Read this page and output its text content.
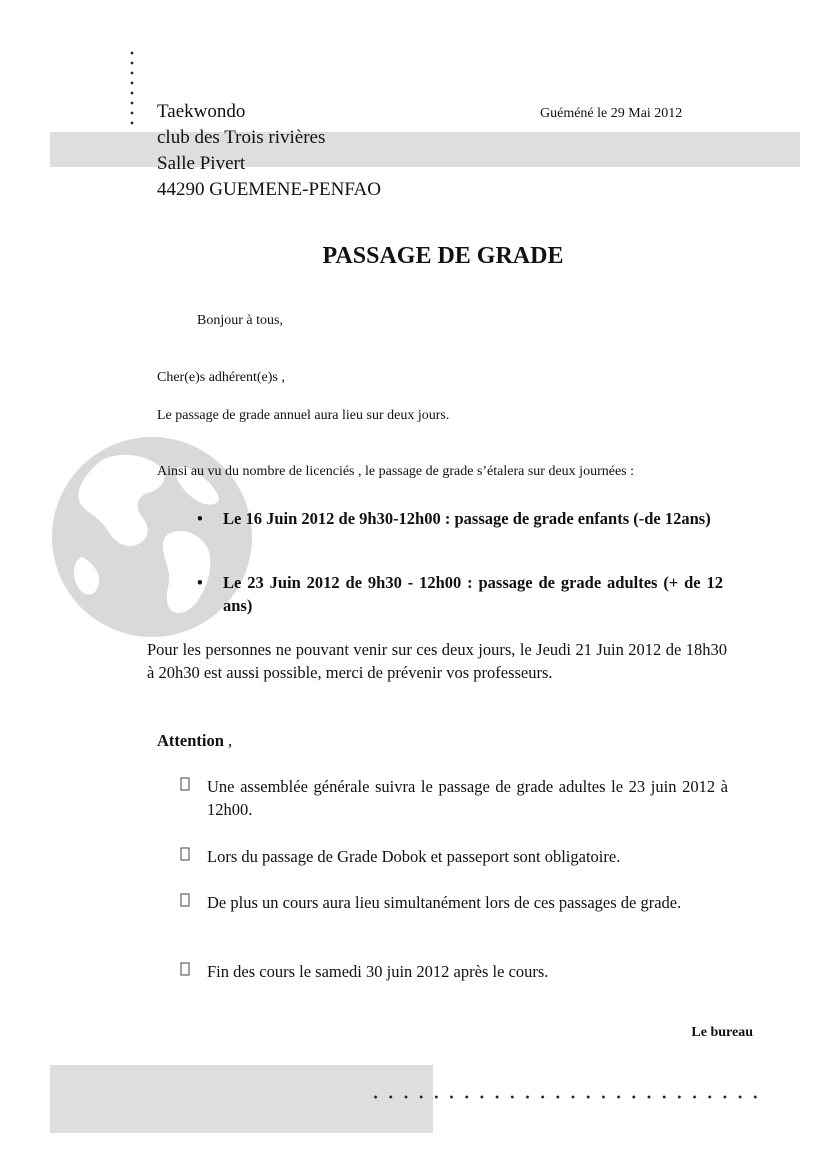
Taekwondo
club des Trois rivières
Salle Pivert
44290 GUEMENE-PENFAO
Guéméné le 29 Mai 2012
PASSAGE DE GRADE
Bonjour à tous,
Cher(e)s adhérent(e)s ,
Le passage de grade annuel aura lieu sur deux jours.
Ainsi au vu du nombre de licenciés , le passage de grade s’étalera sur deux journées :
• Le 16 Juin 2012 de 9h30-12h00 : passage de grade enfants (-de 12ans)
• Le 23 Juin 2012 de 9h30 - 12h00 : passage de grade adultes (+ de 12 ans)
Pour les personnes ne pouvant venir sur ces deux jours, le Jeudi 21 Juin 2012 de 18h30 à 20h30 est aussi possible, merci de prévenir vos professeurs.
Attention ,
Une assemblée générale suivra le passage de grade adultes le 23 juin 2012 à 12h00.
Lors du passage de Grade Dobok et passeport sont obligatoire.
De plus un cours aura lieu simultanément lors de ces passages de grade.
Fin des cours le samedi 30 juin 2012 après le cours.
Le bureau
